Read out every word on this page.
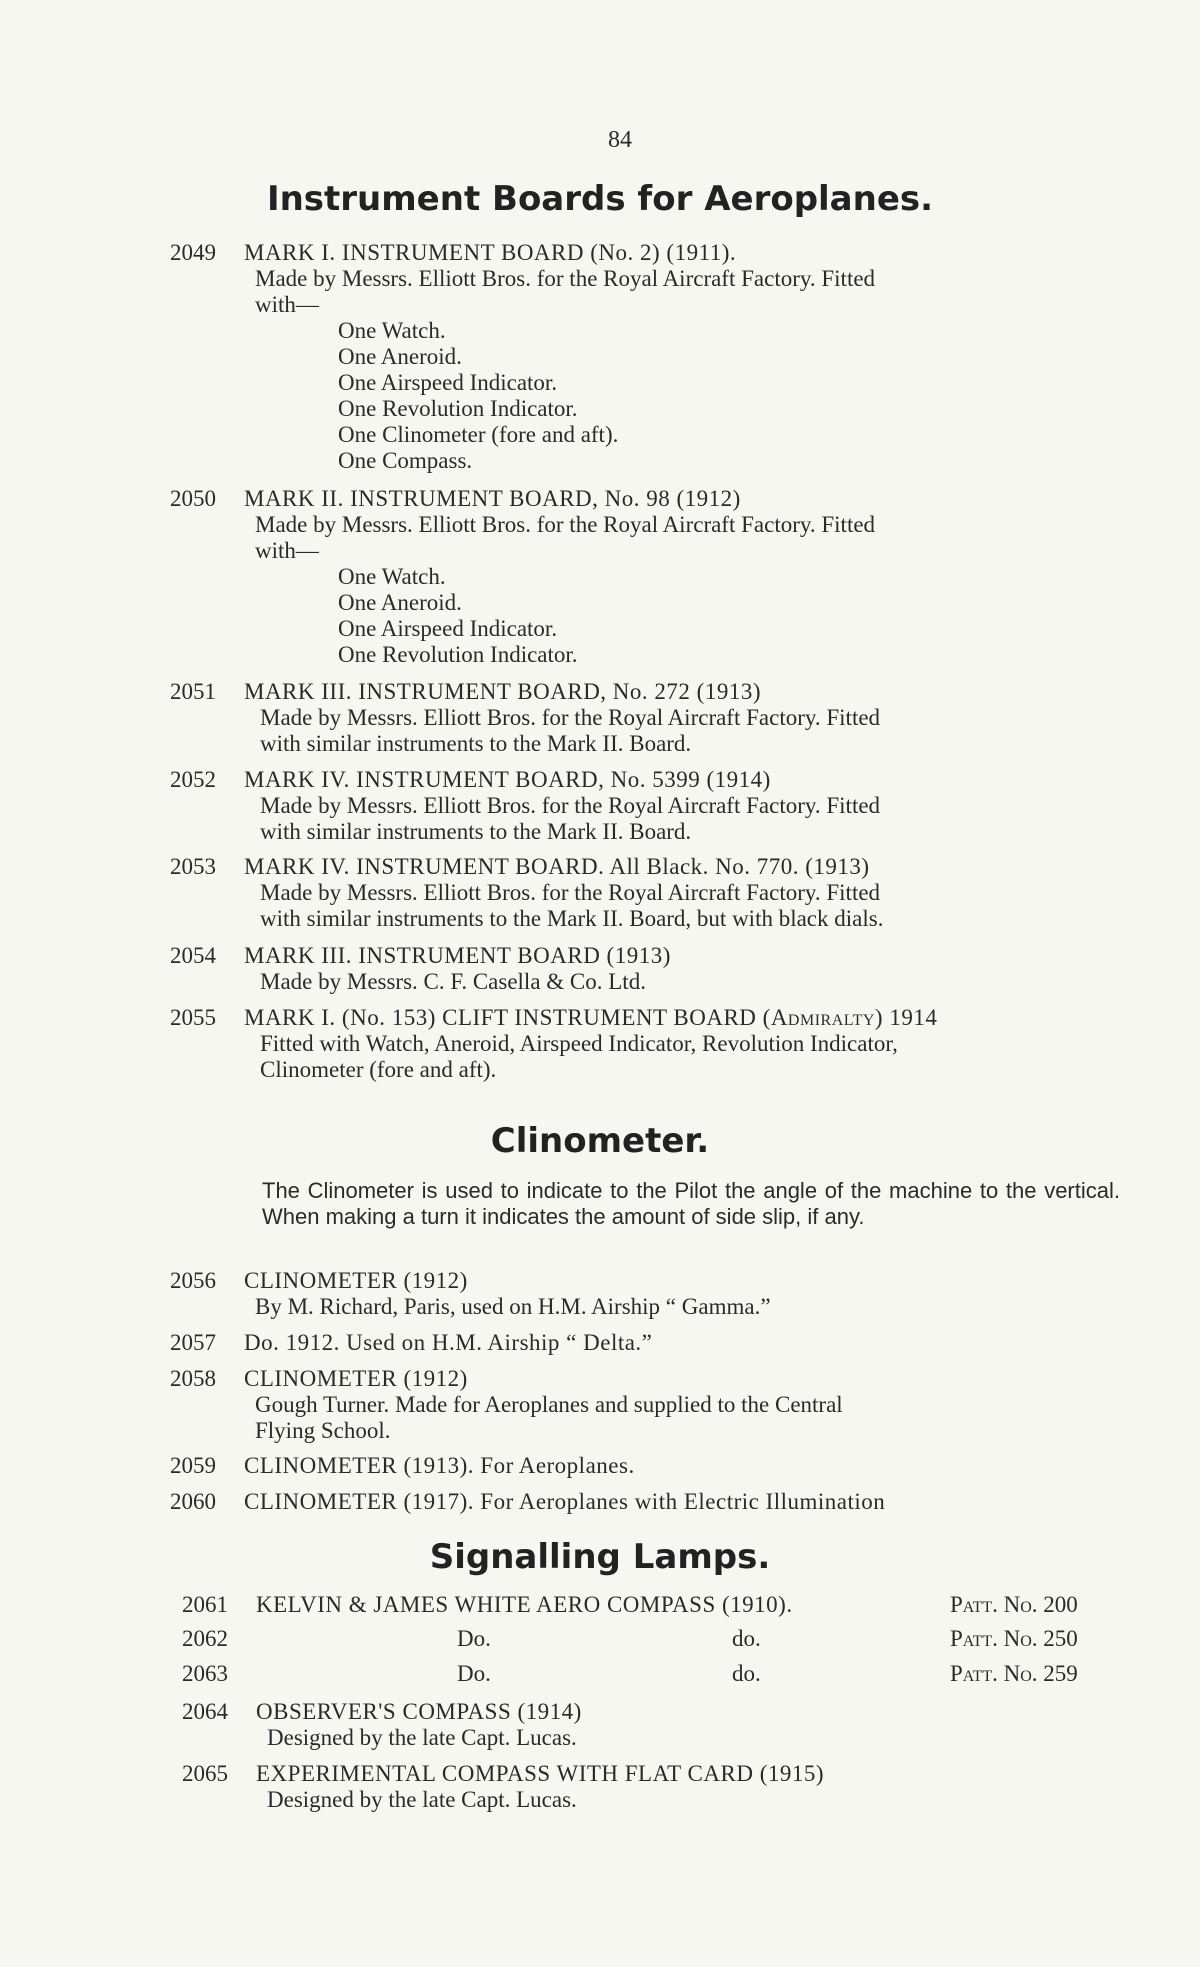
84
Instrument Boards for Aeroplanes.
2049 MARK I. INSTRUMENT BOARD (No. 2) (1911).
Made by Messrs. Elliott Bros. for the Royal Aircraft Factory. Fitted
with—
One Watch.
One Aneroid.
One Airspeed Indicator.
One Revolution Indicator.
One Clinometer (fore and aft).
One Compass.
2050 MARK II. INSTRUMENT BOARD, No. 98 (1912)
Made by Messrs. Elliott Bros. for the Royal Aircraft Factory. Fitted
with—
One Watch.
One Aneroid.
One Airspeed Indicator.
One Revolution Indicator.
2051 MARK III. INSTRUMENT BOARD, No. 272 (1913)
Made by Messrs. Elliott Bros. for the Royal Aircraft Factory. Fitted
with similar instruments to the Mark II. Board.
2052 MARK IV. INSTRUMENT BOARD, No. 5399 (1914)
Made by Messrs. Elliott Bros. for the Royal Aircraft Factory. Fitted
with similar instruments to the Mark II. Board.
2053 MARK IV. INSTRUMENT BOARD. All Black. No. 770. (1913)
Made by Messrs. Elliott Bros. for the Royal Aircraft Factory. Fitted
with similar instruments to the Mark II. Board, but with black dials.
2054 MARK III. INSTRUMENT BOARD (1913)
Made by Messrs. C. F. Casella & Co. Ltd.
2055 MARK I. (No. 153) CLIFT INSTRUMENT BOARD (Admiralty) 1914
Fitted with Watch, Aneroid, Airspeed Indicator, Revolution Indicator,
Clinometer (fore and aft).
Clinometer.
The Clinometer is used to indicate to the Pilot the angle of the machine to the vertical. When making a turn it indicates the amount of side slip, if any.
2056 CLINOMETER (1912)
By M. Richard, Paris, used on H.M. Airship “ Gamma.”
2057 Do. 1912. Used on H.M. Airship “ Delta.”
2058 CLINOMETER (1912)
Gough Turner. Made for Aeroplanes and supplied to the Central
Flying School.
2059 CLINOMETER (1913). For Aeroplanes.
2060 CLINOMETER (1917). For Aeroplanes with Electric Illumination
Signalling Lamps.
2061 KELVIN & JAMES WHITE AERO COMPASS (1910).	Patt. No. 200
2062	Do.	do.	Patt. No. 250
2063	Do.	do.	Patt. No. 259
2064 OBSERVER'S COMPASS (1914)
Designed by the late Capt. Lucas.
2065 EXPERIMENTAL COMPASS WITH FLAT CARD (1915)
Designed by the late Capt. Lucas.
